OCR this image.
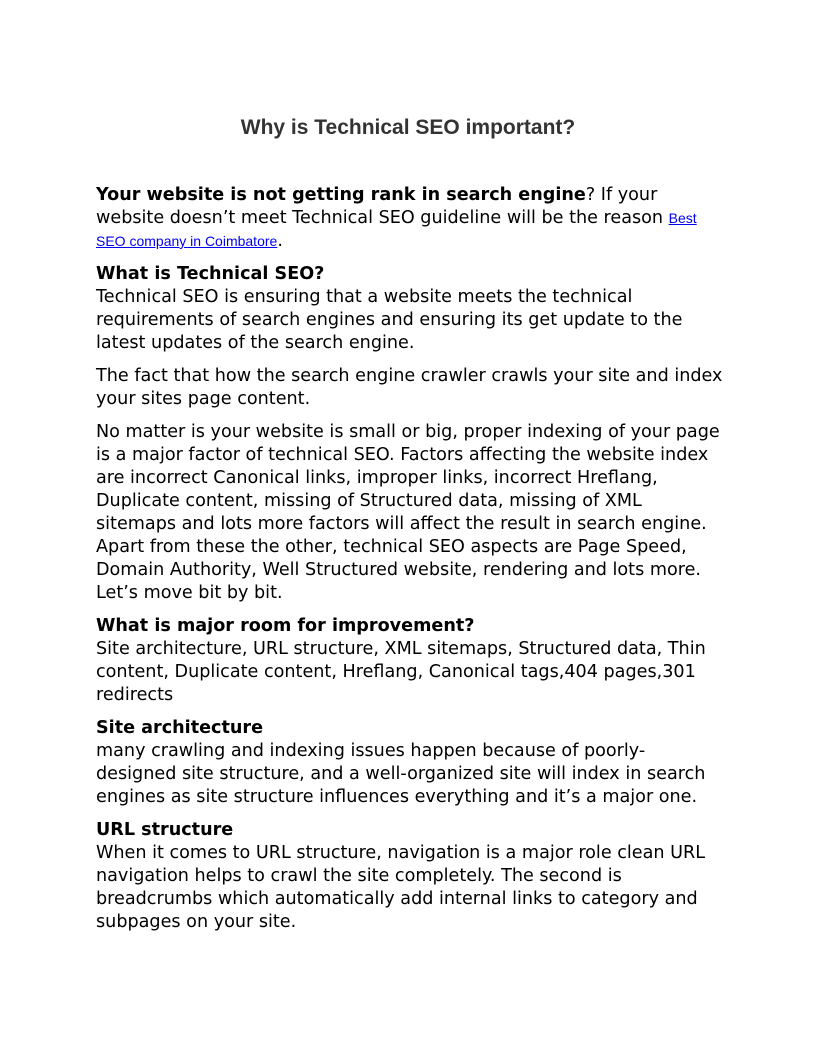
Why is Technical SEO important?

Your website is not getting rank in search engine? If your website doesn’t meet Technical SEO guideline will be the reason Best SEO company in Coimbatore.

What is Technical SEO?
Technical SEO is ensuring that a website meets the technical requirements of search engines and ensuring its get update to the latest updates of the search engine.

The fact that how the search engine crawler crawls your site and index your sites page content.

No matter is your website is small or big, proper indexing of your page is a major factor of technical SEO. Factors affecting the website index are incorrect Canonical links, improper links, incorrect Hreflang, Duplicate content, missing of Structured data, missing of XML sitemaps and lots more factors will affect the result in search engine. Apart from these the other, technical SEO aspects are Page Speed, Domain Authority, Well Structured website, rendering and lots more.
Let’s move bit by bit.

What is major room for improvement?
Site architecture, URL structure, XML sitemaps, Structured data, Thin content, Duplicate content, Hreflang, Canonical tags,404 pages,301 redirects

Site architecture
many crawling and indexing issues happen because of poorly-designed site structure, and a well-organized site will index in search engines as site structure influences everything and it’s a major one.

URL structure
When it comes to URL structure, navigation is a major role clean URL navigation helps to crawl the site completely. The second is breadcrumbs which automatically add internal links to category and subpages on your site.
